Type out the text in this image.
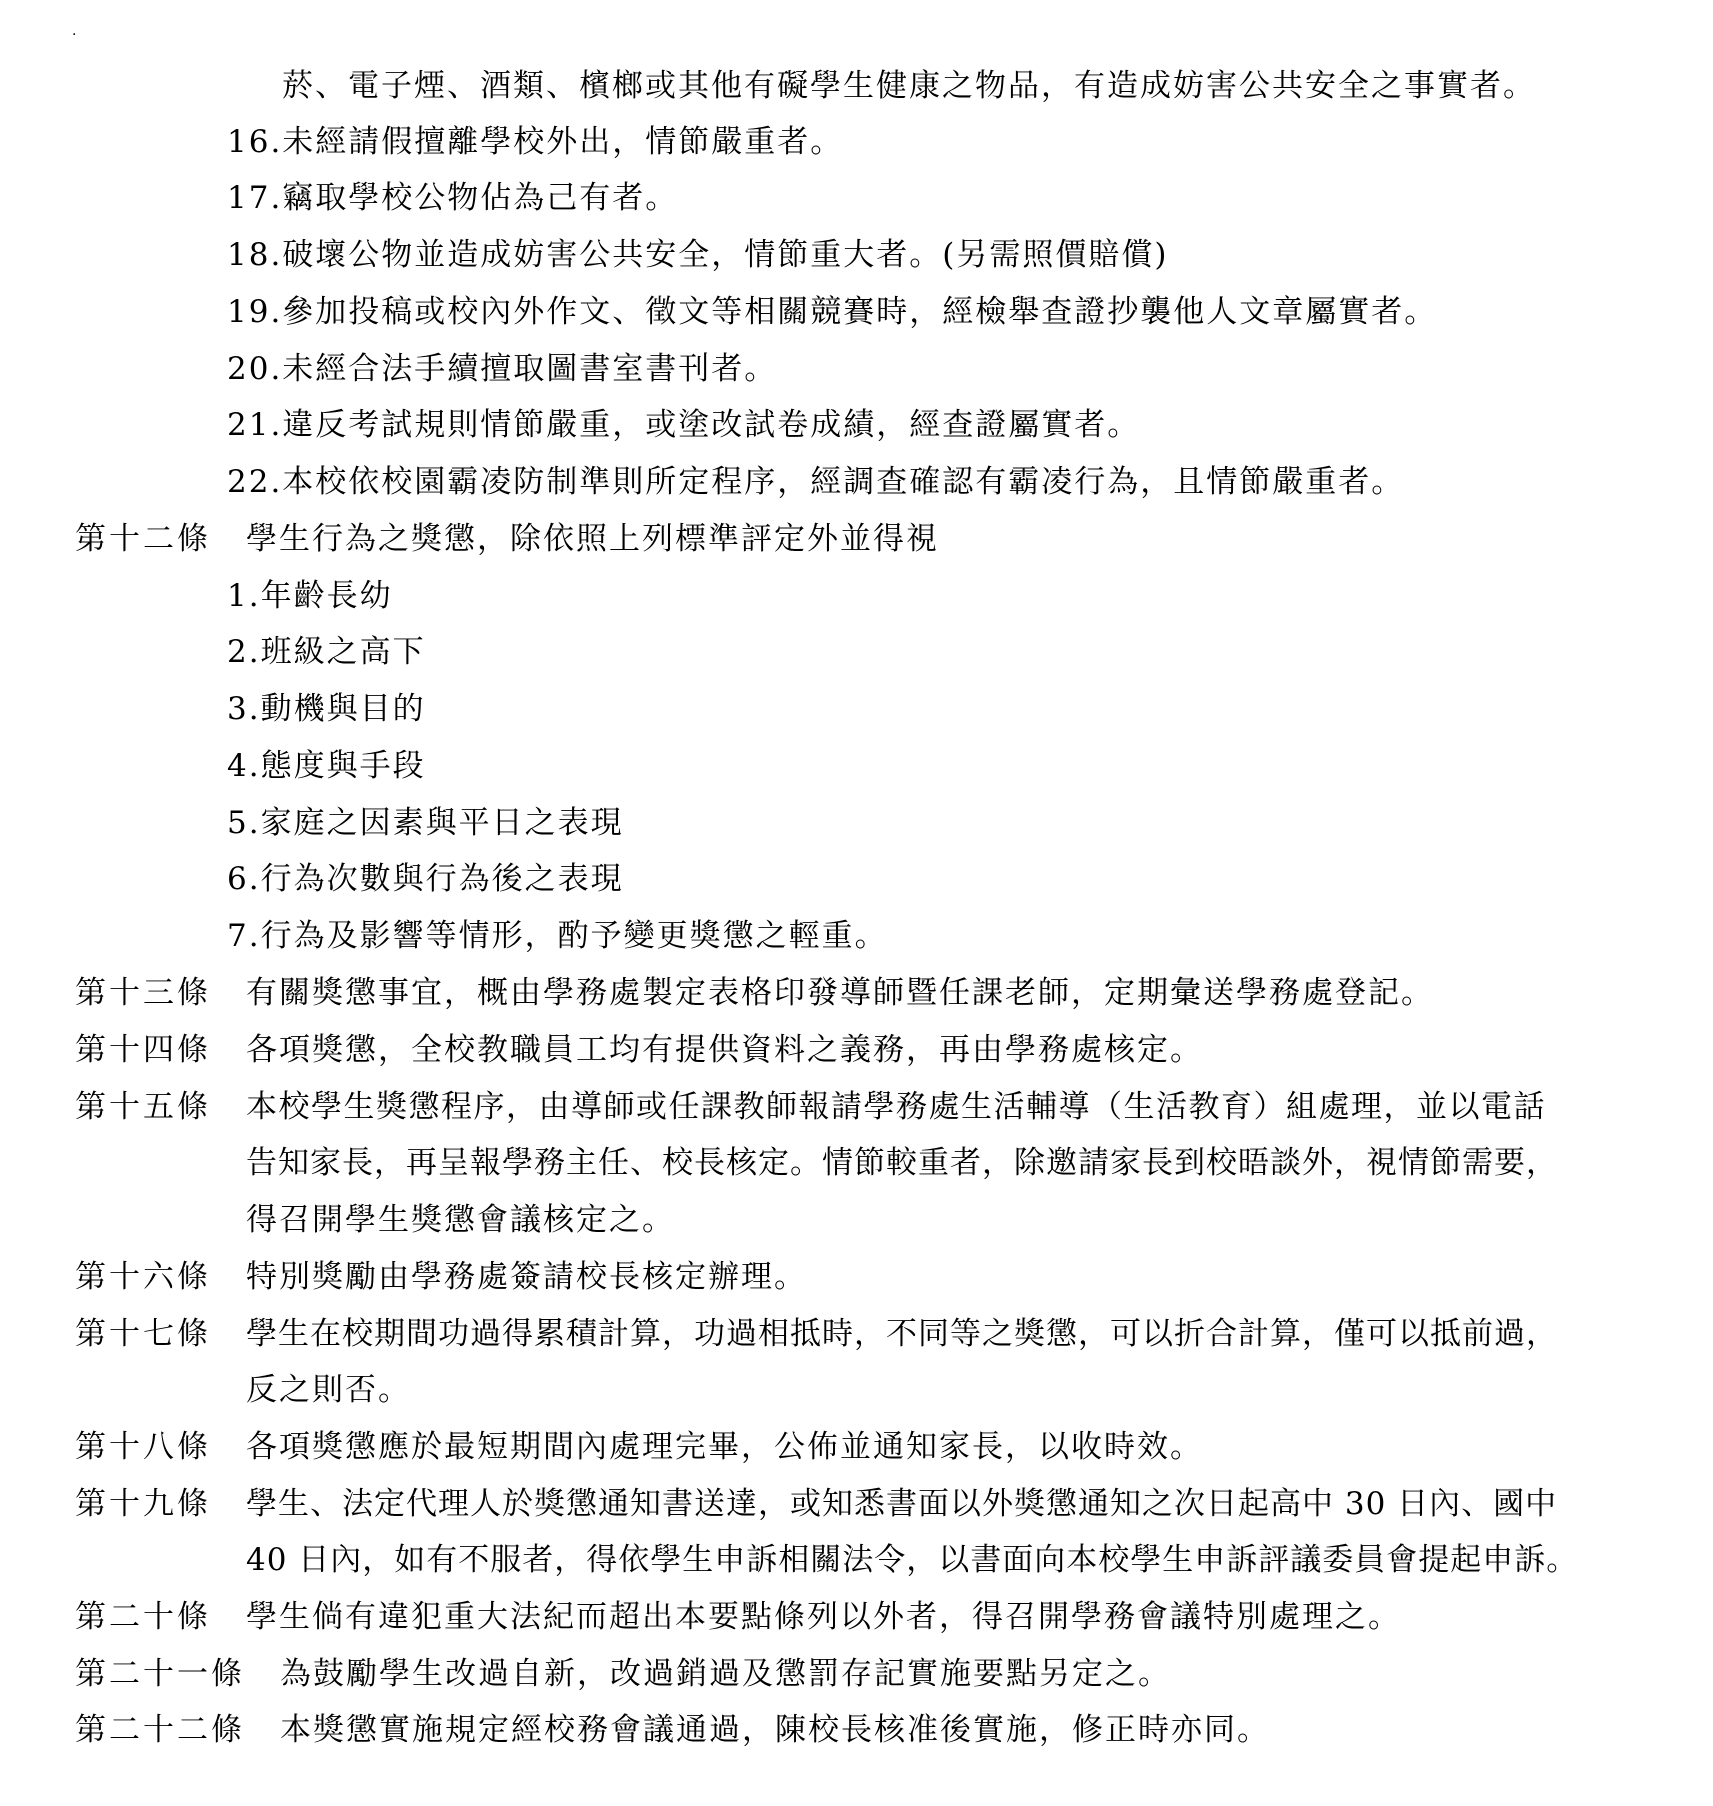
.
菸、電子煙、酒類、檳榔或其他有礙學生健康之物品，有造成妨害公共安全之事實者。
16.未經請假擅離學校外出，情節嚴重者。
17.竊取學校公物佔為己有者。
18.破壞公物並造成妨害公共安全，情節重大者。(另需照價賠償)
19.參加投稿或校內外作文、徵文等相關競賽時，經檢舉查證抄襲他人文章屬實者。
20.未經合法手續擅取圖書室書刊者。
21.違反考試規則情節嚴重，或塗改試卷成績，經查證屬實者。
22.本校依校園霸凌防制準則所定程序，經調查確認有霸凌行為，且情節嚴重者。
第十二條 學生行為之獎懲，除依照上列標準評定外並得視
1.年齡長幼
2.班級之高下
3.動機與目的
4.態度與手段
5.家庭之因素與平日之表現
6.行為次數與行為後之表現
7.行為及影響等情形，酌予變更獎懲之輕重。
第十三條 有關獎懲事宜，概由學務處製定表格印發導師暨任課老師，定期彙送學務處登記。
第十四條 各項獎懲，全校教職員工均有提供資料之義務，再由學務處核定。
第十五條 本校學生獎懲程序，由導師或任課教師報請學務處生活輔導（生活教育）組處理，並以電話
告知家長，再呈報學務主任、校長核定。情節較重者，除邀請家長到校晤談外，視情節需要，
得召開學生獎懲會議核定之。
第十六條 特別獎勵由學務處簽請校長核定辦理。
第十七條 學生在校期間功過得累積計算，功過相抵時，不同等之獎懲，可以折合計算，僅可以抵前過，
反之則否。
第十八條 各項獎懲應於最短期間內處理完畢，公佈並通知家長，以收時效。
第十九條 學生、法定代理人於獎懲通知書送達，或知悉書面以外獎懲通知之次日起高中 30 日內、國中
40 日內，如有不服者，得依學生申訴相關法令，以書面向本校學生申訴評議委員會提起申訴。
第二十條 學生倘有違犯重大法紀而超出本要點條列以外者，得召開學務會議特別處理之。
第二十一條 為鼓勵學生改過自新，改過銷過及懲罰存記實施要點另定之。
第二十二條 本獎懲實施規定經校務會議通過，陳校長核准後實施，修正時亦同。
